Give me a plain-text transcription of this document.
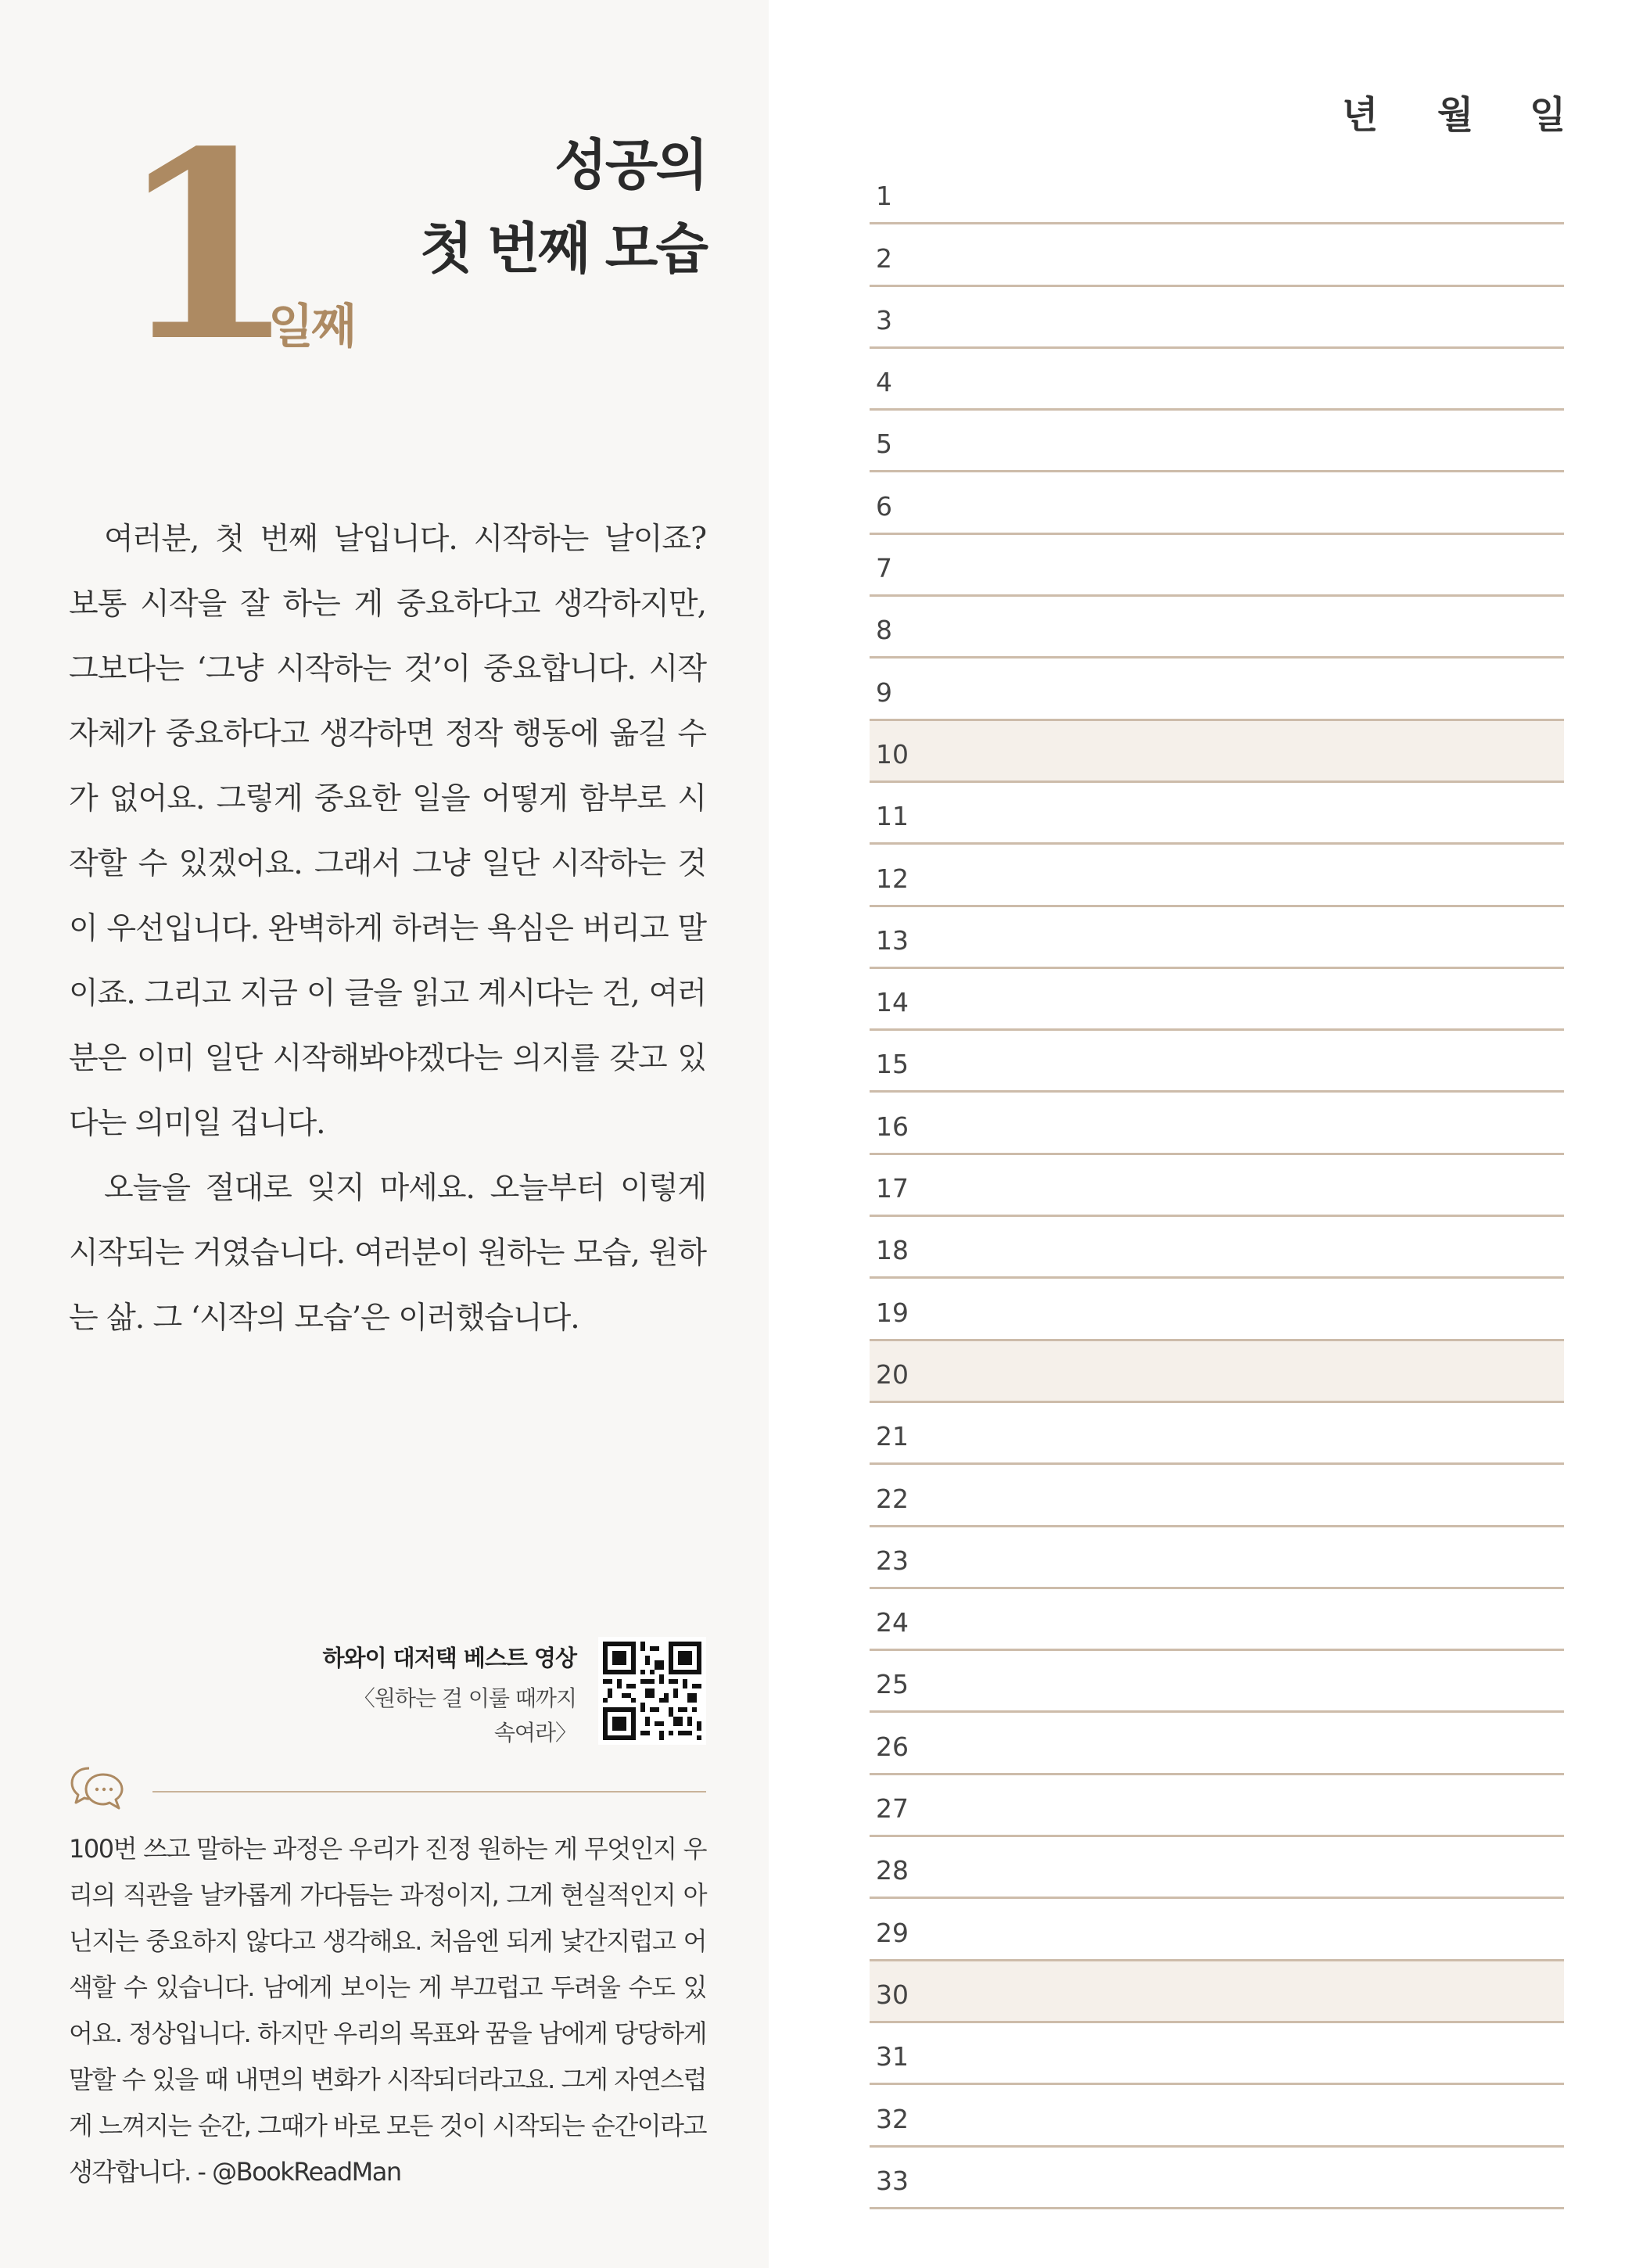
1
일째
성공의
첫 번째 모습

여러분, 첫 번째 날입니다. 시작하는 날이죠? 보통 시작을 잘 하는 게 중요하다고 생각하지만, 그보다는 ‘그냥 시작하는 것’이 중요합니다. 시작 자체가 중요하다고 생각하면 정작 행동에 옮길 수가 없어요. 그렇게 중요한 일을 어떻게 함부로 시작할 수 있겠어요. 그래서 그냥 일단 시작하는 것이 우선입니다. 완벽하게 하려는 욕심은 버리고 말이죠. 그리고 지금 이 글을 읽고 계시다는 건, 여러분은 이미 일단 시작해봐야겠다는 의지를 갖고 있다는 의미일 겁니다.

오늘을 절대로 잊지 마세요. 오늘부터 이렇게 시작되는 거였습니다. 여러분이 원하는 모습, 원하는 삶. 그 ‘시작의 모습’은 이러했습니다.

하와이 대저택 베스트 영상
〈원하는 걸 이룰 때까지
속여라〉
100번 쓰고 말하는 과정은 우리가 진정 원하는 게 무엇인지 우리의 직관을 날카롭게 가다듬는 과정이지, 그게 현실적인지 아닌지는 중요하지 않다고 생각해요. 처음엔 되게 낯간지럽고 어색할 수 있습니다. 남에게 보이는 게 부끄럽고 두려울 수도 있어요. 정상입니다. 하지만 우리의 목표와 꿈을 남에게 당당하게 말할 수 있을 때 내면의 변화가 시작되더라고요. 그게 자연스럽게 느껴지는 순간, 그때가 바로 모든 것이 시작되는 순간이라고 생각합니다. - @BookReadMan
년 월 일
1
2
3
4
5
6
7
8
9
10
11
12
13
14
15
16
17
18
19
20
21
22
23
24
25
26
27
28
29
30
31
32
33
